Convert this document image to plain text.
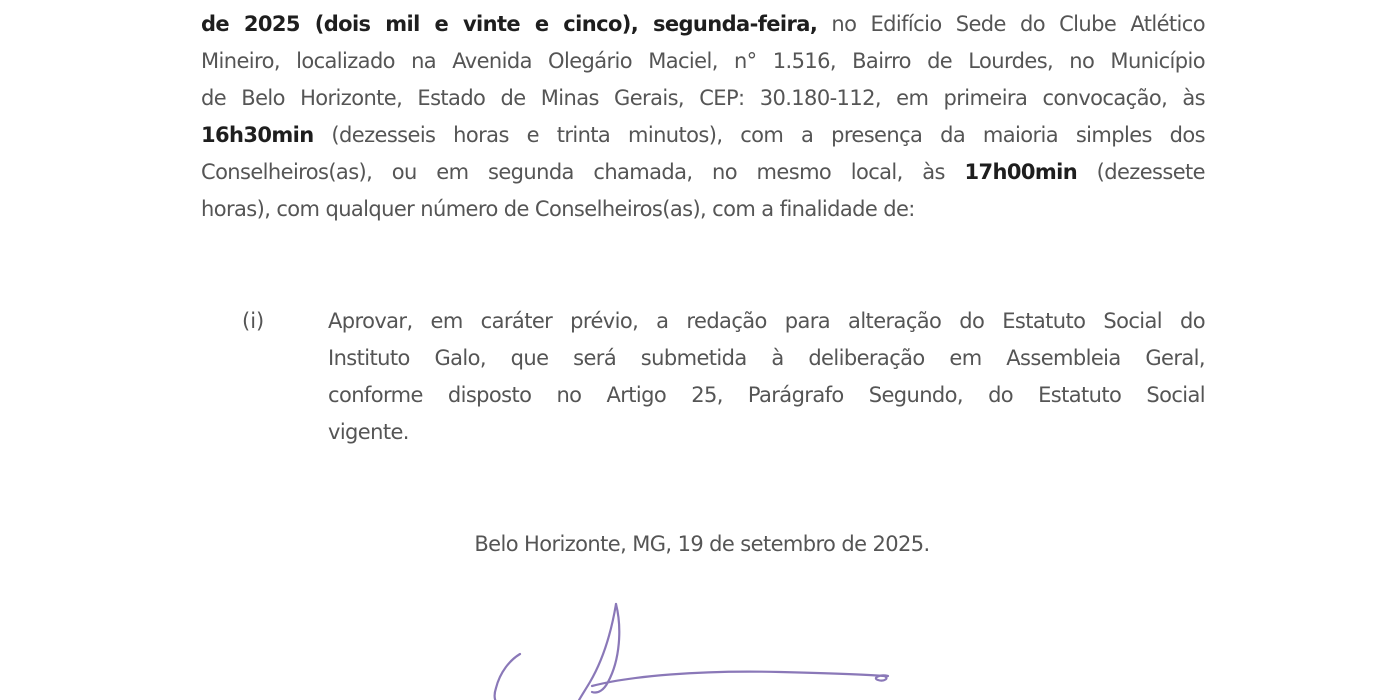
de 2025 (dois mil e vinte e cinco), segunda-feira, no Edifício Sede do Clube Atlético
Mineiro, localizado na Avenida Olegário Maciel, n° 1.516, Bairro de Lourdes, no Município
de Belo Horizonte, Estado de Minas Gerais, CEP: 30.180-112, em primeira convocação, às
16h30min (dezesseis horas e trinta minutos), com a presença da maioria simples dos
Conselheiros(as), ou em segunda chamada, no mesmo local, às 17h00min (dezessete
horas), com qualquer número de Conselheiros(as), com a finalidade de:
(i)	Aprovar, em caráter prévio, a redação para alteração do Estatuto Social do
Instituto Galo, que será submetida à deliberação em Assembleia Geral,
conforme disposto no Artigo 25, Parágrafo Segundo, do Estatuto Social
vigente.
Belo Horizonte, MG, 19 de setembro de 2025.
